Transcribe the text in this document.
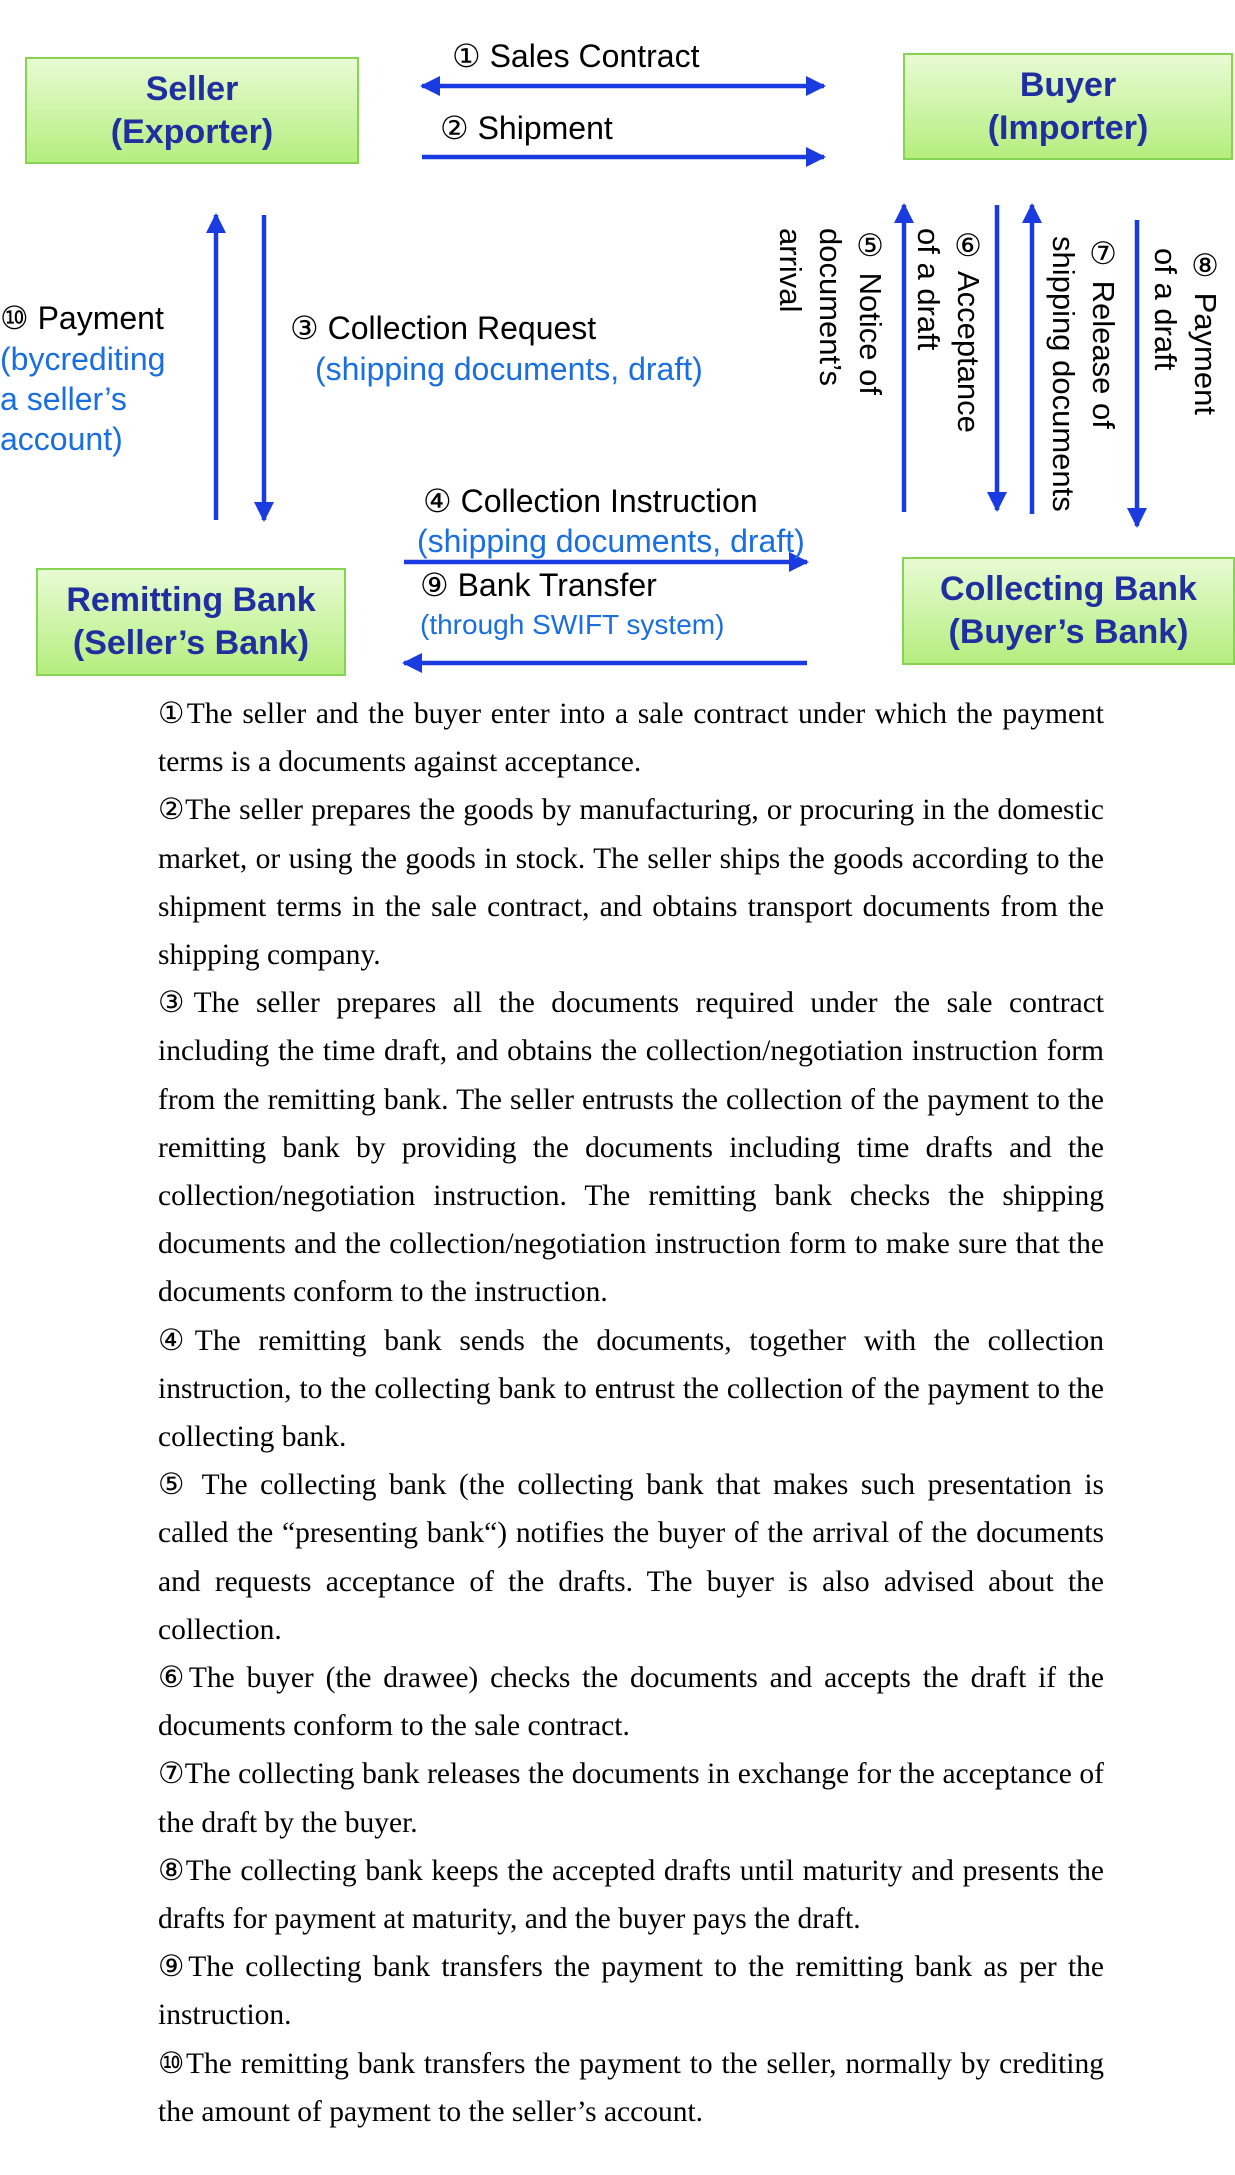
Seller
(Exporter)
Buyer
(Importer)
Remitting Bank
(Seller’s Bank)
Collecting Bank
(Buyer’s Bank)
① Sales Contract
② Shipment
③ Collection Request
(shipping documents, draft)
⑩ Payment
(bycrediting
a seller’s
account)
④ Collection Instruction
(shipping documents, draft)
⑨ Bank Transfer
(through SWIFT system)
⑤ Notice of
document’s
arrival	⑥ Acceptance
of a draft	⑦ Release of
shipping documents	⑧ Payment
of a draft

①The seller and the buyer enter into a sale contract under which the payment terms is a documents against acceptance.

②The seller prepares the goods by manufacturing, or procuring in the domestic market, or using the goods in stock. The seller ships the goods according to the shipment terms in the sale contract, and obtains transport documents from the shipping company.

③The seller prepares all the documents required under the sale contract including the time draft, and obtains the collection/negotiation instruction form from the remitting bank. The seller entrusts the collection of the payment to the remitting bank by providing the documents including time drafts and the collection/negotiation instruction. The remitting bank checks the shipping documents and the collection/negotiation instruction form to make sure that the documents conform to the instruction.

④The remitting bank sends the documents, together with the collection instruction, to the collecting bank to entrust the collection of the payment to the collecting bank.

⑤ The collecting bank (the collecting bank that makes such presentation is called the “presenting bank“) notifies the buyer of the arrival of the documents and requests acceptance of the drafts. The buyer is also advised about the collection.

⑥The buyer (the drawee) checks the documents and accepts the draft if the documents conform to the sale contract.

⑦The collecting bank releases the documents in exchange for the acceptance of the draft by the buyer.

⑧The collecting bank keeps the accepted drafts until maturity and presents the drafts for payment at maturity, and the buyer pays the draft.

⑨The collecting bank transfers the payment to the remitting bank as per the instruction.

⑩The remitting bank transfers the payment to the seller, normally by crediting the amount of payment to the seller’s account.
